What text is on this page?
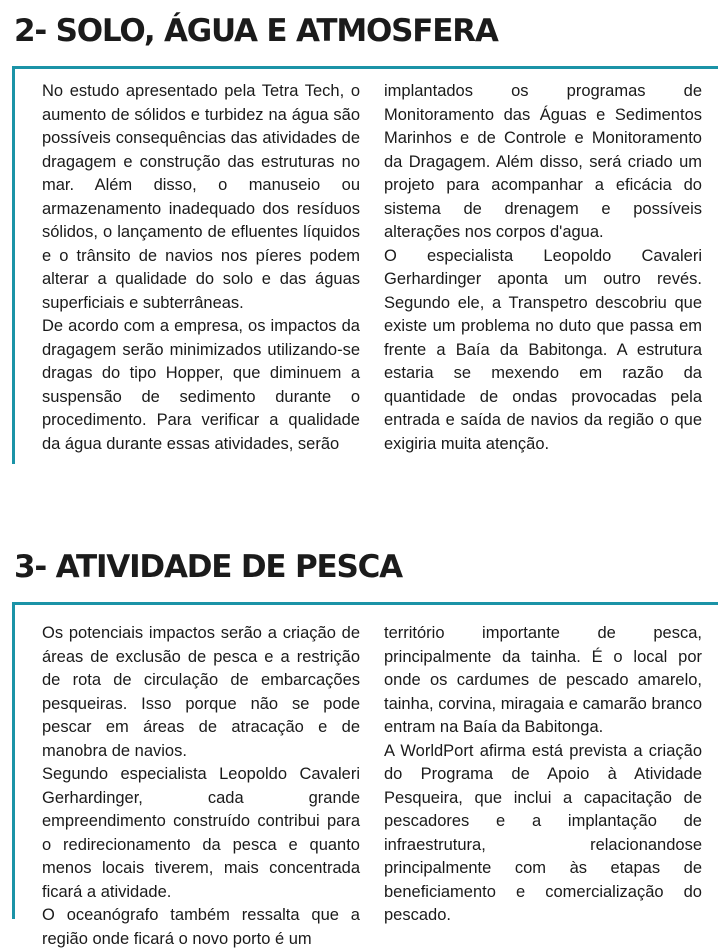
2- SOLO, ÁGUA E ATMOSFERA

No estudo apresentado pela Tetra Tech, o aumento de sólidos e turbidez na água são possíveis consequências das atividades de dragagem e construção das estruturas no mar. Além disso, o manuseio ou armazenamento inadequado dos resíduos sólidos, o lançamento de efluentes líquidos e o trânsito de navios nos píeres podem alterar a qualidade do solo e das águas superficiais e subterrâneas.

De acordo com a empresa, os impactos da dragagem serão minimizados utilizando-se dragas do tipo Hopper, que diminuem a suspensão de sedimento durante o procedimento. Para verificar a qualidade da água durante essas atividades, serão

implantados os programas de Monitoramento das Águas e Sedimentos Marinhos e de Controle e Monitoramento da Dragagem. Além disso, será criado um projeto para acompanhar a eficácia do sistema de drenagem e possíveis alterações nos corpos d'agua.

O especialista Leopoldo Cavaleri Gerhardinger aponta um outro revés. Segundo ele, a Transpetro descobriu que existe um problema no duto que passa em frente a Baía da Babitonga. A estrutura estaria se mexendo em razão da quantidade de ondas provocadas pela entrada e saída de navios da região o que exigiria muita atenção.

3- ATIVIDADE DE PESCA

Os potenciais impactos serão a criação de áreas de exclusão de pesca e a restrição de rota de circulação de embarcações pesqueiras. Isso porque não se pode pescar em áreas de atracação e de manobra de navios.

Segundo especialista Leopoldo Cavaleri Gerhardinger, cada grande empreendimento construído contribui para o redirecionamento da pesca e quanto menos locais tiverem, mais concentrada ficará a atividade.

O oceanógrafo também ressalta que a região onde ficará o novo porto é um

território importante de pesca, principalmente da tainha. É o local por onde os cardumes de pescado amarelo, tainha, corvina, miragaia e camarão branco entram na Baía da Babitonga.

A WorldPort afirma está prevista a criação do Programa de Apoio à Atividade Pesqueira, que inclui a capacitação de pescadores e a implantação de infraestrutura, relacionandose principalmente com às etapas de beneficiamento e comercialização do pescado.
